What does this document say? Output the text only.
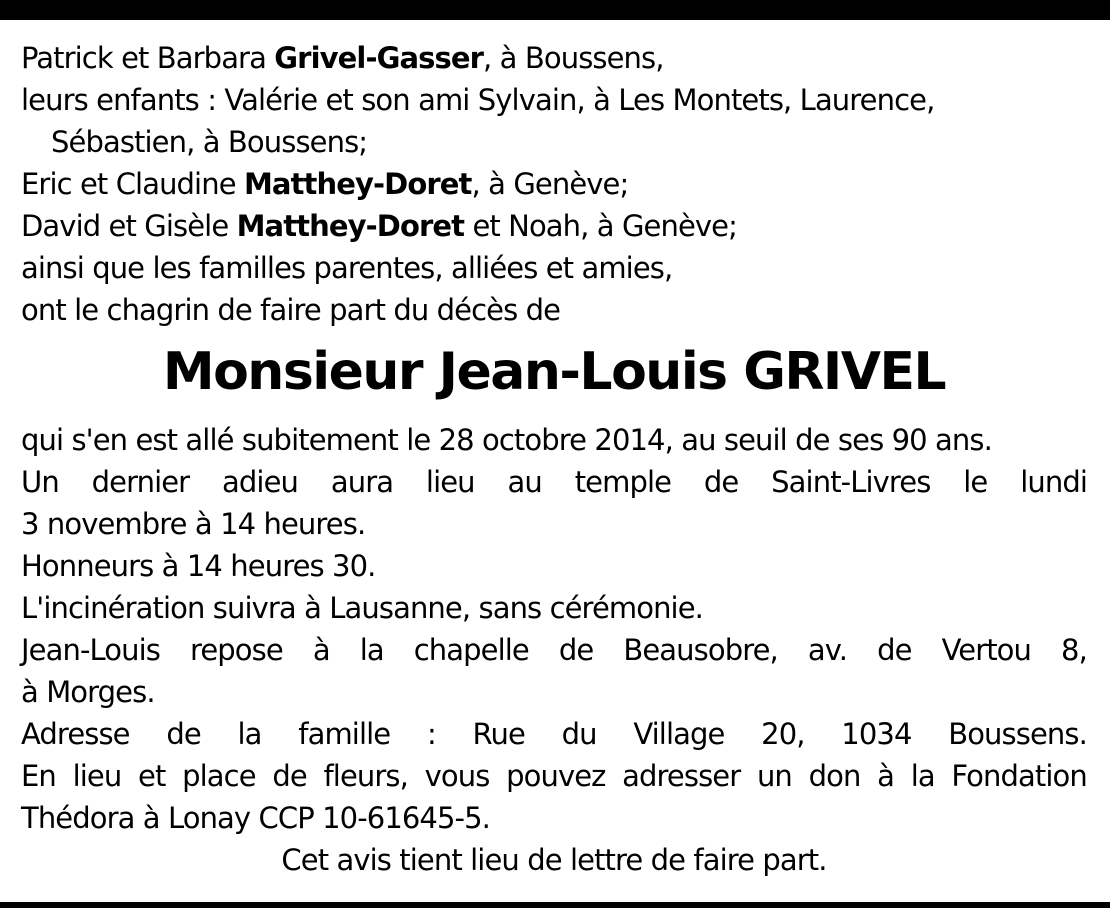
Patrick et Barbara Grivel-Gasser, à Boussens,
leurs enfants : Valérie et son ami Sylvain, à Les Montets, Laurence,
Sébastien, à Boussens;
Eric et Claudine Matthey-Doret, à Genève;
David et Gisèle Matthey-Doret et Noah, à Genève;
ainsi que les familles parentes, alliées et amies,
ont le chagrin de faire part du décès de
Monsieur Jean-Louis GRIVEL
qui s'en est allé subitement le 28 octobre 2014, au seuil de ses 90 ans.
Un dernier adieu aura lieu au temple de Saint-Livres le lundi
3 novembre à 14 heures.
Honneurs à 14 heures 30.
L'incinération suivra à Lausanne, sans cérémonie.
Jean-Louis repose à la chapelle de Beausobre, av. de Vertou 8,
à Morges.
Adresse de la famille : Rue du Village 20, 1034 Boussens.
En lieu et place de fleurs, vous pouvez adresser un don à la Fondation
Thédora à Lonay CCP 10-61645-5.
Cet avis tient lieu de lettre de faire part.
